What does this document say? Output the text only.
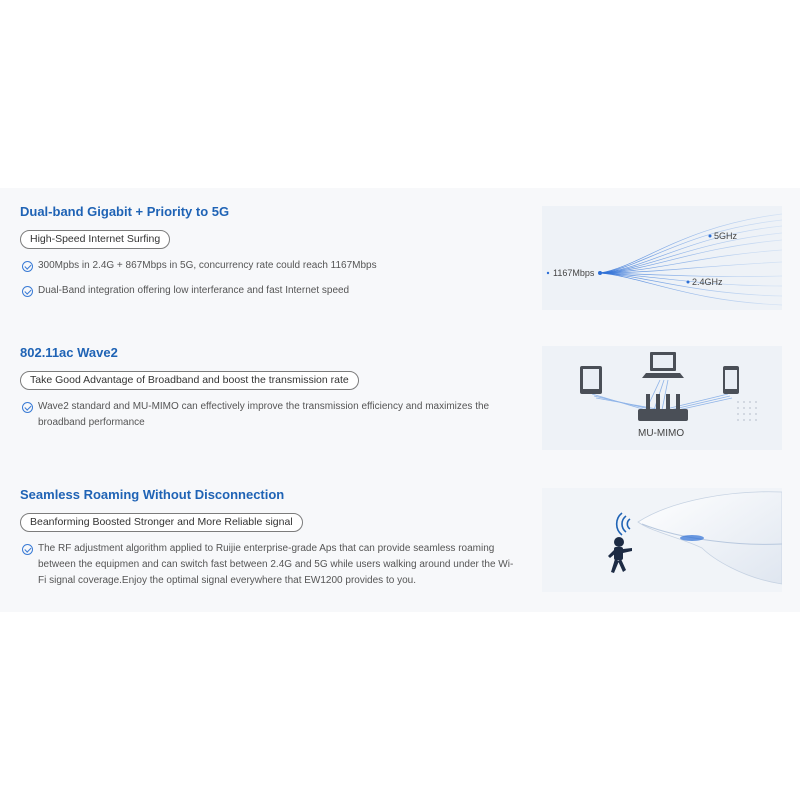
Dual-band Gigabit + Priority to 5G
High-Speed Internet Surfing
300Mpbs in 2.4G + 867Mbps in 5G, concurrency rate could reach 1167Mbps
Dual-Band integration offering low interferance and fast Internet speed
802.11ac Wave2
Take Good Advantage of Broadband and boost the transmission rate
Wave2 standard and MU-MIMO can effectively improve the transmission efficiency and maximizes the broadband performance
Seamless Roaming Without Disconnection
Beanforming Boosted Stronger and More Reliable signal
The RF adjustment algorithm applied to Ruijie enterprise-grade Aps that can provide seamless roaming between the equipmen and can switch fast between 2.4G and 5G while users walking around under the Wi-Fi signal coverage.Enjoy the optimal signal everywhere that EW1200 provides to you.
1167Mbps
5GHz
2.4GHz
MU-MIMO
